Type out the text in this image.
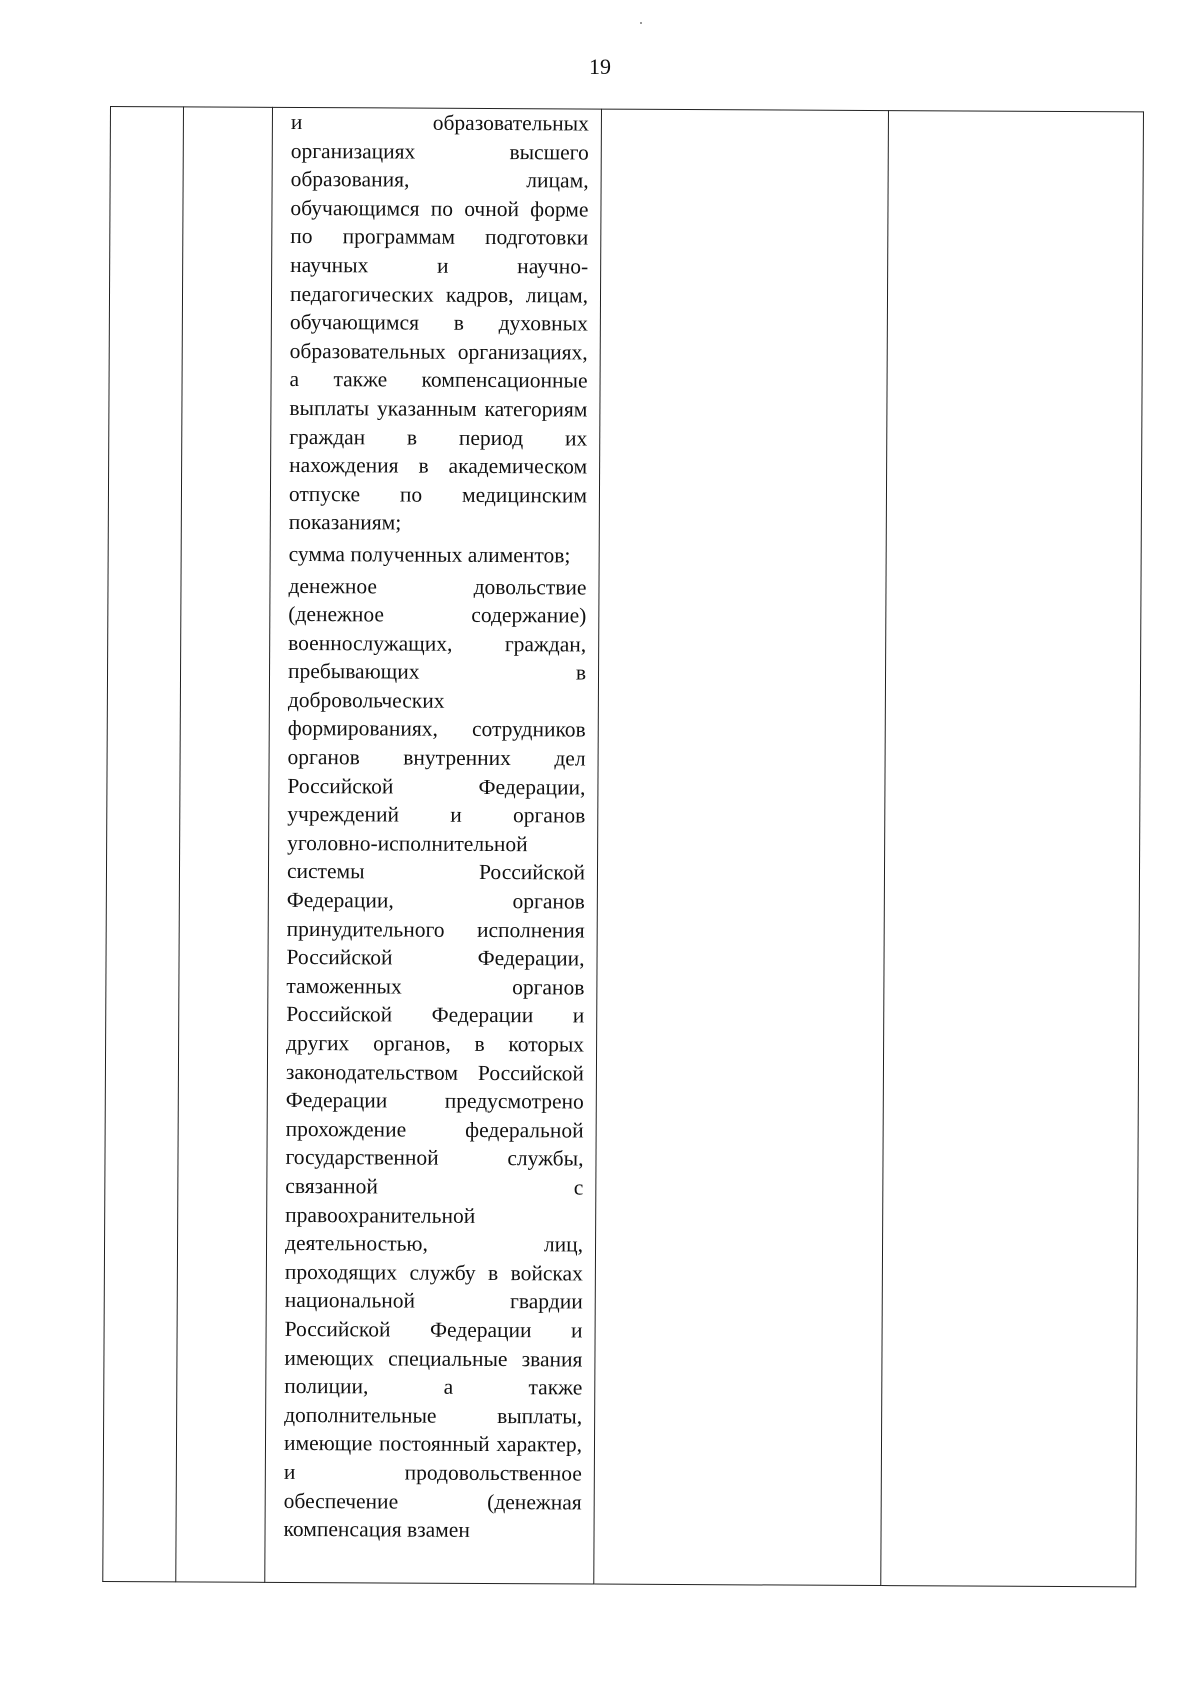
19

и образовательных организациях высшего образования, лицам, обучающимся по очной форме по программам подготовки научных и научно-педагогических кадров, лицам, обучающимся в духовных образовательных организациях, а также компенсационные выплаты указанным категориям граждан в период их нахождения в академическом отпуске по медицинским показаниям;

сумма полученных алиментов;

денежное довольствие (денежное содержание) военнослужащих, граждан, пребывающих в добровольческих формированиях, сотрудников органов внутренних дел Российской Федерации, учреждений и органов уголовно-исполнительной системы Российской Федерации, органов принудительного исполнения Российской Федерации, таможенных органов Российской Федерации и других органов, в которых законодательством Российской Федерации предусмотрено прохождение федеральной государственной службы, связанной с правоохранительной деятельностью, лиц, проходящих службу в войсках национальной гвардии Российской Федерации и имеющих специальные звания полиции, а также дополнительные выплаты, имеющие постоянный характер, и продовольственное обеспечение (денежная компенсация взамен
